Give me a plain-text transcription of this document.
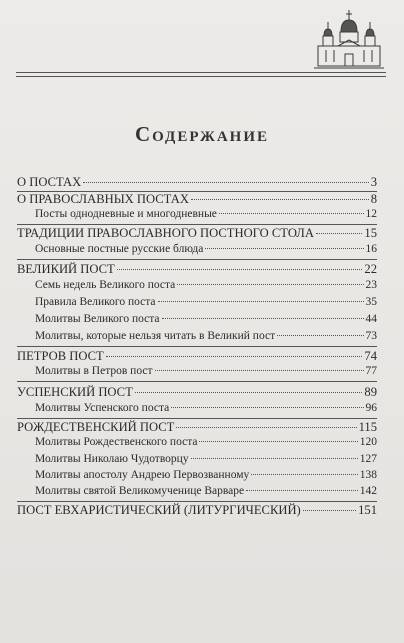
Содержание
О ПОСТАХ	3
О ПРАВОСЛАВНЫХ ПОСТАХ	8
Посты однодневные и многодневные	12
ТРАДИЦИИ ПРАВОСЛАВНОГО ПОСТНОГО СТОЛА	15
Основные постные русские блюда	16
ВЕЛИКИЙ ПОСТ	22
Семь недель Великого поста	23
Правила Великого поста	35
Молитвы Великого поста	44
Молитвы, которые нельзя читать в Великий пост	73
ПЕТРОВ ПОСТ	74
Молитвы в Петров пост	77
УСПЕНСКИЙ ПОСТ	89
Молитвы Успенского поста	96
РОЖДЕСТВЕНСКИЙ ПОСТ	115
Молитвы Рождественского поста	120
Молитвы Николаю Чудотворцу	127
Молитвы апостолу Андрею Первозванному	138
Молитвы святой Великомученице Варваре	142
ПОСТ ЕВХАРИСТИЧЕСКИЙ (ЛИТУРГИЧЕСКИЙ)	151
